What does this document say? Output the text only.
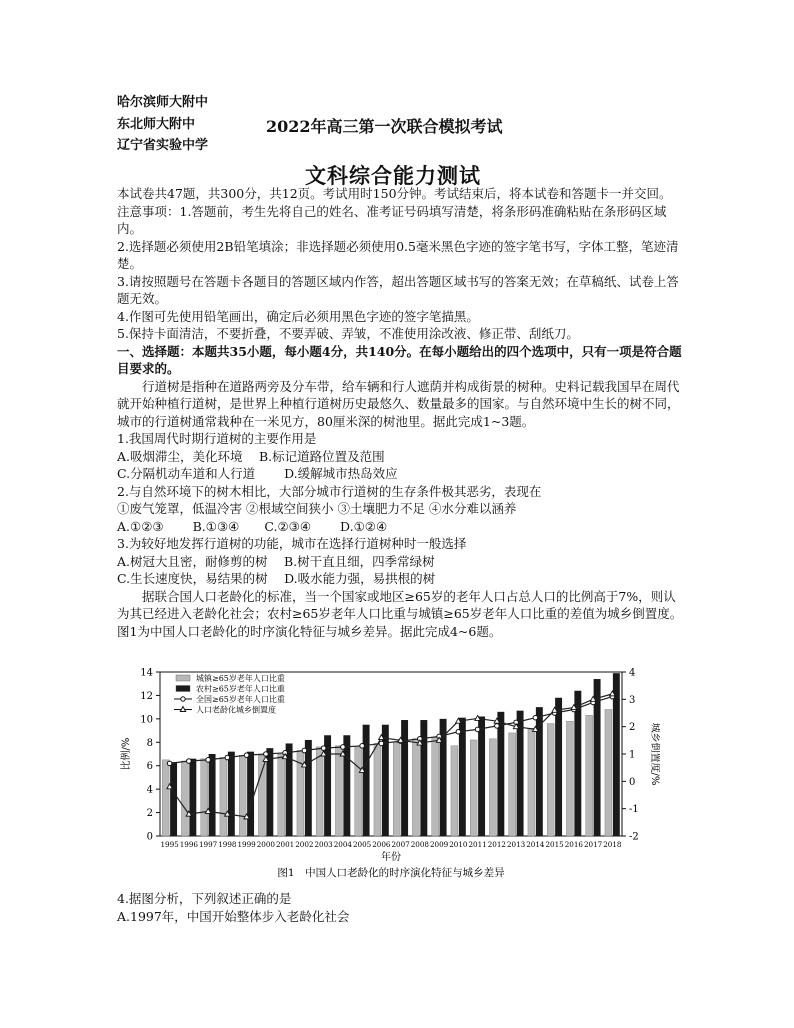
哈尔滨师大附中
东北师大附中
辽宁省实验中学
2022年高三第一次联合模拟考试
文科综合能力测试

本试卷共47题，共300分，共12页。考试用时150分钟。考试结束后，将本试卷和答题卡一并交回。

注意事项：1.答题前，考生先将自己的姓名、准考证号码填写清楚，将条形码准确粘贴在条形码区域内。

2.选择题必须使用2B铅笔填涂；非选择题必须使用0.5毫米黑色字迹的签字笔书写，字体工整，笔迹清楚。

3.请按照题号在答题卡各题目的答题区域内作答，超出答题区域书写的答案无效；在草稿纸、试卷上答题无效。

4.作图可先使用铅笔画出，确定后必须用黑色字迹的签字笔描黑。

5.保持卡面清洁，不要折叠，不要弄破、弄皱，不准使用涂改液、修正带、刮纸刀。

一、选择题：本题共35小题，每小题4分，共140分。在每小题给出的四个选项中，只有一项是符合题目要求的。

行道树是指种在道路两旁及分车带，给车辆和行人遮荫并构成街景的树种。史料记载我国早在周代就开始种植行道树，是世界上种植行道树历史最悠久、数量最多的国家。与自然环境中生长的树不同，城市的行道树通常栽种在一米见方，80厘米深的树池里。据此完成1~3题。

1.我国周代时期行道树的主要作用是

A.吸烟滞尘，美化环境　 B.标记道路位置及范围

C.分隔机动车道和人行道　　 D.缓解城市热岛效应

2.与自然环境下的树木相比，大部分城市行道树的生存条件极其恶劣，表现在

①废气笼罩，低温冷害 ②根域空间狭小 ③土壤肥力不足 ④水分难以涵养

A.①②③　　 B.①③④　　C.②③④　　 D.①②④

3.为较好地发挥行道树的功能，城市在选择行道树种时一般选择

A.树冠大且密，耐修剪的树　 B.树干直且细，四季常绿树

C.生长速度快，易结果的树　 D.吸水能力强，易拱根的树

据联合国人口老龄化的标准，当一个国家或地区≥65岁的老年人口占总人口的比例高于7%，则认为其已经进入老龄化社会；农村≥65岁老年人口比重与城镇≥65岁老年人口比重的差值为城乡倒置度。图1为中国人口老龄化的时序演化特征与城乡差异。据此完成4~6题。

0
2
4
6
8
10
12
14
-2
-1
0
1
2
3
4
1995 1996 1997 1998 1999 2000 2001 2002 2003 2004 2005 2006 2007 2008 2009 2010 2011 2012 2013 2014 2015 2016 2017 2018
年份
比例/%	城乡倒置度/%
城镇≥65岁老年人口比重
农村≥65岁老年人口比重
全国≥65岁老年人口比重
人口老龄化城乡倒置度
图1　中国人口老龄化的时序演化特征与城乡差异

4.据图分析，下列叙述正确的是

A.1997年，中国开始整体步入老龄化社会
